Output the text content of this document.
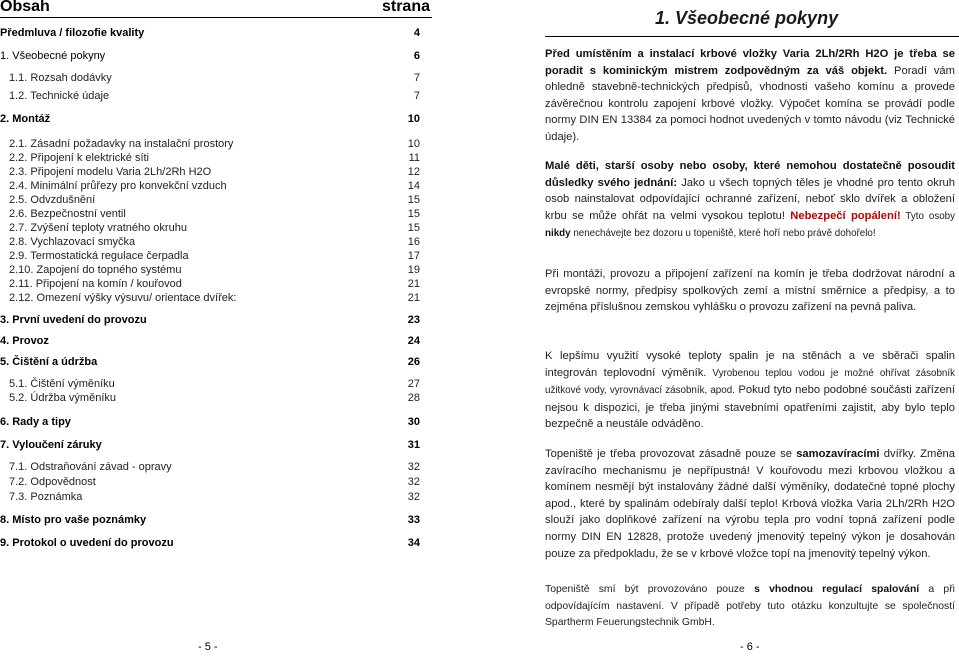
Obsah	strana
Předmluva / filozofie kvality	4
1. Všeobecné pokyny	6
1.1. Rozsah dodávky	7
1.2. Technické údaje	7
2. Montáž	10
2.1. Zásadní požadavky na instalační prostory	10
2.2. Připojení k elektrické síti	11
2.3. Připojení modelu Varia 2Lh/2Rh H2O	12
2.4. Minimální průřezy pro konvekční vzduch	14
2.5. Odvzdušnění	15
2.6. Bezpečnostní ventil	15
2.7. Zvýšení teploty vratného okruhu	15
2.8. Vychlazovací smyčka	16
2.9. Termostatická regulace čerpadla	17
2.10. Zapojení do topného systému	19
2.11. Připojení na komín / kouřovod	21
2.12. Omezení výšky výsuvu/ orientace dvířek:	21
3. První uvedení do provozu	23
4. Provoz	24
5. Čištění a údržba	26
5.1. Čištění výměníku	27
5.2. Údržba výměníku	28
6. Rady a tipy	30
7. Vyloučení záruky	31
7.1. Odstraňování závad - opravy	32
7.2. Odpovědnost	32
7.3. Poznámka	32
8. Místo pro vaše poznámky	33
9. Protokol o uvedení do provozu	34
- 5 -
1. Všeobecné pokyny
Před umístěním a instalací krbové vložky Varia 2Lh/2Rh H2O je třeba se poradit s kominickým mistrem zodpovědným za váš objekt. Poradí vám ohledně stavebně-technických předpisů, vhodnosti vašeho komínu a provede závěrečnou kontrolu zapojení krbové vložky. Výpočet komína se provádí podle normy DIN EN 13384 za pomoci hodnot uvedených v tomto návodu (viz Technické údaje).
Malé děti, starší osoby nebo osoby, které nemohou dostatečně posoudit důsledky svého jednání: Jako u všech topných těles je vhodné pro tento okruh osob nainstalovat odpovídající ochranné zařízení, neboť sklo dvířek a obložení krbu se může ohřát na velmi vysokou teplotu! Nebezpečí popálení! Tyto osoby nikdy nenechávejte bez dozoru u topeniště, které hoří nebo právě dohořelo!
Při montáži, provozu a připojení zařízení na komín je třeba dodržovat národní a evropské normy, předpisy spolkových zemí a místní směrnice a předpisy, a to zejména příslušnou zemskou vyhlášku o provozu zařízení na pevná paliva.
K lepšímu využití vysoké teploty spalin je na stěnách a ve sběrači spalin integrován teplovodní výměník. Vyrobenou teplou vodou je možné ohřívat zásobník užitkové vody, vyrovnávací zásobník, apod. Pokud tyto nebo podobné součásti zařízení nejsou k dispozici, je třeba jinými stavebními opatřeními zajistit, aby bylo teplo bezpečně a neustále odváděno.
Topeniště je třeba provozovat zásadně pouze se samozavíracími dvířky. Změna zavíracího mechanismu je nepřípustná! V kouřovodu mezi krbovou vložkou a komínem nesmějí být instalovány žádné další výměníky, dodatečné topné plochy apod., které by spalinám odebíraly další teplo! Krbová vložka Varia 2Lh/2Rh H2O slouží jako doplňkové zařízení na výrobu tepla pro vodní topná zařízení podle normy DIN EN 12828, protože uvedený jmenovitý tepelný výkon je dosahován pouze za předpokladu, že se v krbové vložce topí na jmenovitý tepelný výkon.
Topeniště smí být provozováno pouze s vhodnou regulací spalování a při odpovídajícím nastavení. V případě potřeby tuto otázku konzultujte se společností Spartherm Feuerungstechnik GmbH.
- 6 -
